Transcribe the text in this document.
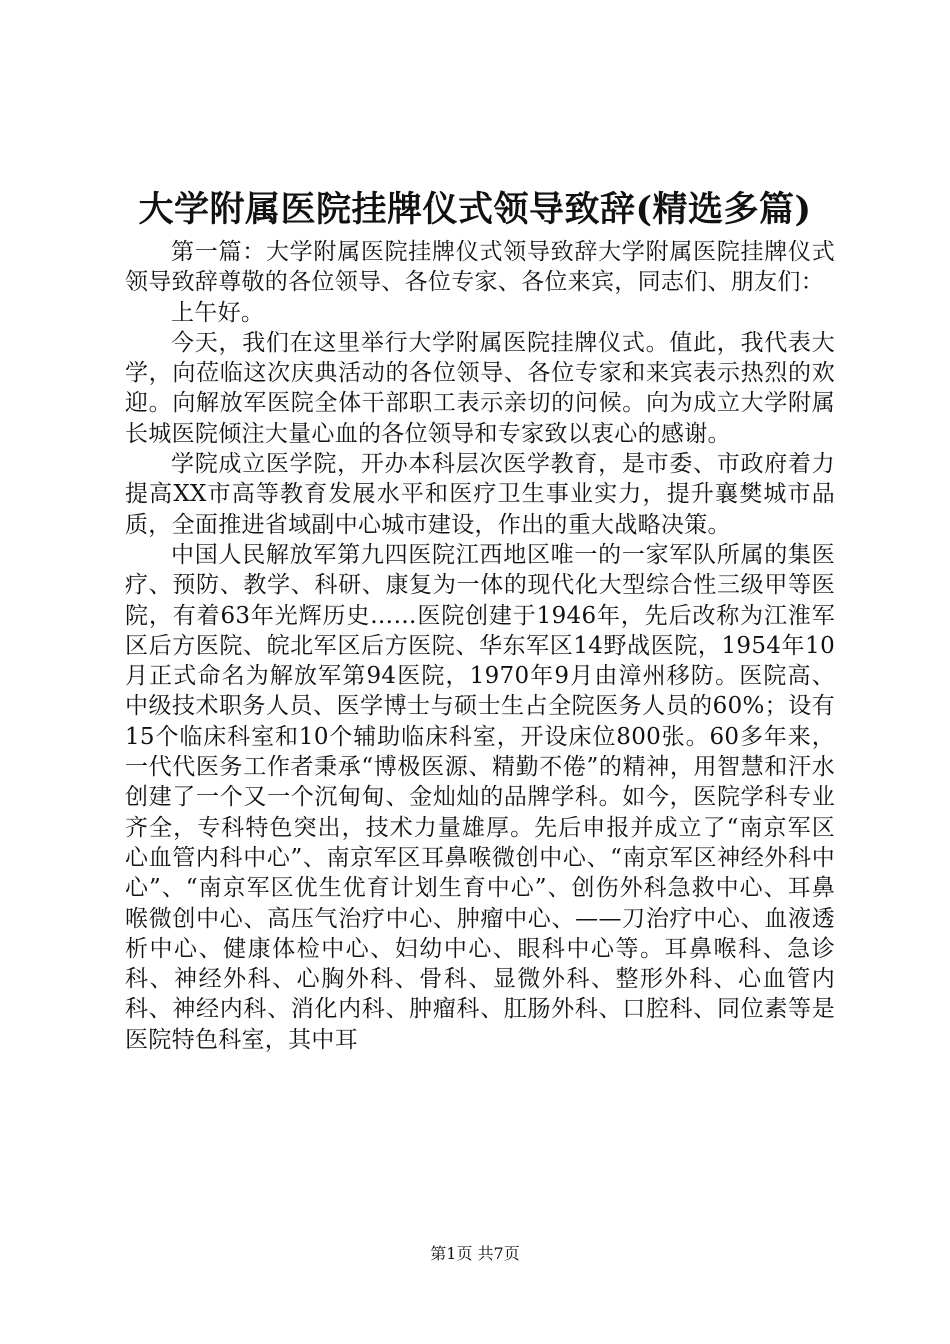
大学附属医院挂牌仪式领导致辞(精选多篇)

第一篇：大学附属医院挂牌仪式领导致辞大学附属医院挂牌仪式领导致辞尊敬的各位领导、各位专家、各位来宾，同志们、朋友们：

上午好。

今天，我们在这里举行大学附属医院挂牌仪式。值此，我代表大学，向莅临这次庆典活动的各位领导、各位专家和来宾表示热烈的欢迎。向解放军医院全体干部职工表示亲切的问候。向为成立大学附属长城医院倾注大量心血的各位领导和专家致以衷心的感谢。

学院成立医学院，开办本科层次医学教育，是市委、市政府着力提高XX市高等教育发展水平和医疗卫生事业实力，提升襄樊城市品质，全面推进省域副中心城市建设，作出的重大战略决策。

中国人民解放军第九四医院江西地区唯一的一家军队所属的集医疗、预防、教学、科研、康复为一体的现代化大型综合性三级甲等医院，有着63年光辉历史……医院创建于1946年，先后改称为江淮军区后方医院、皖北军区后方医院、华东军区14野战医院，1954年10月正式命名为解放军第94医院，1970年9月由漳州移防。医院高、中级技术职务人员、医学博士与硕士生占全院医务人员的60%；设有15个临床科室和10个辅助临床科室，开设床位800张。60多年来，一代代医务工作者秉承“博极医源、精勤不倦”的精神，用智慧和汗水创建了一个又一个沉甸甸、金灿灿的品牌学科。如今，医院学科专业齐全，专科特色突出，技术力量雄厚。先后申报并成立了“南京军区心血管内科中心”、南京军区耳鼻喉微创中心、“南京军区神经外科中心”、“南京军区优生优育计划生育中心”、创伤外科急救中心、耳鼻喉微创中心、高压气治疗中心、肿瘤中心、——刀治疗中心、血液透析中心、健康体检中心、妇幼中心、眼科中心等。耳鼻喉科、急诊科、神经外科、心胸外科、骨科、显微外科、整形外科、心血管内科、神经内科、消化内科、肿瘤科、肛肠外科、口腔科、同位素等是医院特色科室，其中耳

第1页 共7页
